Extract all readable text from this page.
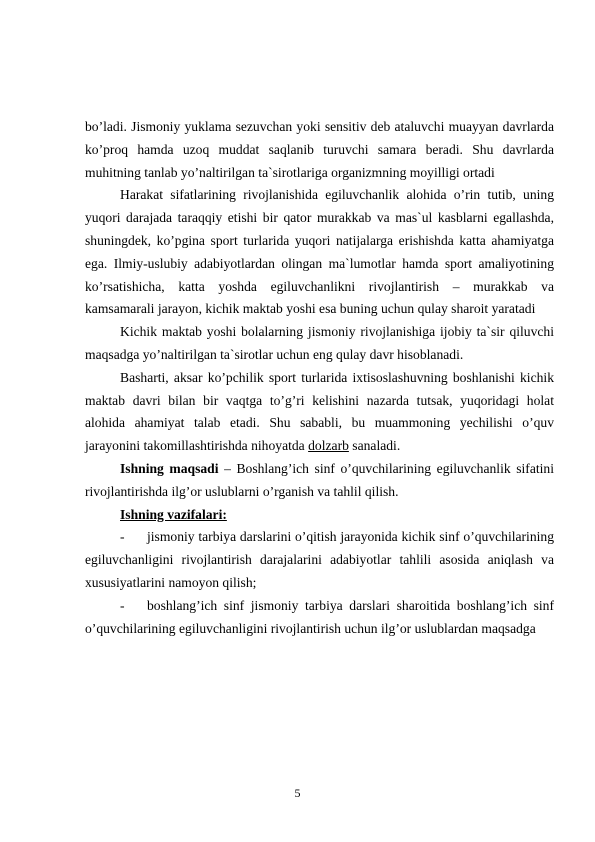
bo’ladi. Jismoniy yuklama sezuvchan yoki sensitiv deb ataluvchi muayyan davrlarda ko’proq hamda uzoq muddat saqlanib turuvchi samara beradi. Shu davrlarda muhitning tanlab yo’naltirilgan ta`sirotlariga organizmning moyilligi ortadi

Harakat sifatlarining rivojlanishida egiluvchanlik alohida o’rin tutib, uning yuqori darajada taraqqiy etishi bir qator murakkab va mas`ul kasblarni egallashda, shuningdek, ko’pgina sport turlarida yuqori natijalarga erishishda katta ahamiyatga ega. Ilmiy-uslubiy adabiyotlardan olingan ma`lumotlar hamda sport amaliyotining ko’rsatishicha, katta yoshda egiluvchanlikni rivojlantirish – murakkab va kamsamarali jarayon, kichik maktab yoshi esa buning uchun qulay sharoit yaratadi

Kichik maktab yoshi bolalarning jismoniy rivojlanishiga ijobiy ta`sir qiluvchi maqsadga yo’naltirilgan ta`sirotlar uchun eng qulay davr hisoblanadi.

Basharti, aksar ko’pchilik sport turlarida ixtisoslashuvning boshlanishi kichik maktab davri bilan bir vaqtga to’g’ri kelishini nazarda tutsak, yuqoridagi holat alohida ahamiyat talab etadi. Shu sababli, bu muammoning yechilishi o’quv jarayonini takomillashtirishda nihoyatda dolzarb sanaladi.

Ishning maqsadi – Boshlang’ich sinf o’quvchilarining egiluvchanlik sifatini rivojlantirishda ilg’or uslublarni o’rganish va tahlil qilish.

Ishning vazifalari:

- jismoniy tarbiya darslarini o’qitish jarayonida kichik sinf o’quvchilarining egiluvchanligini rivojlantirish darajalarini adabiyotlar tahlili asosida aniqlash va xususiyatlarini namoyon qilish;

- boshlang’ich sinf jismoniy tarbiya darslari sharoitida boshlang’ich sinf o’quvchilarining egiluvchanligini rivojlantirish uchun ilg’or uslublardan maqsadga

5
